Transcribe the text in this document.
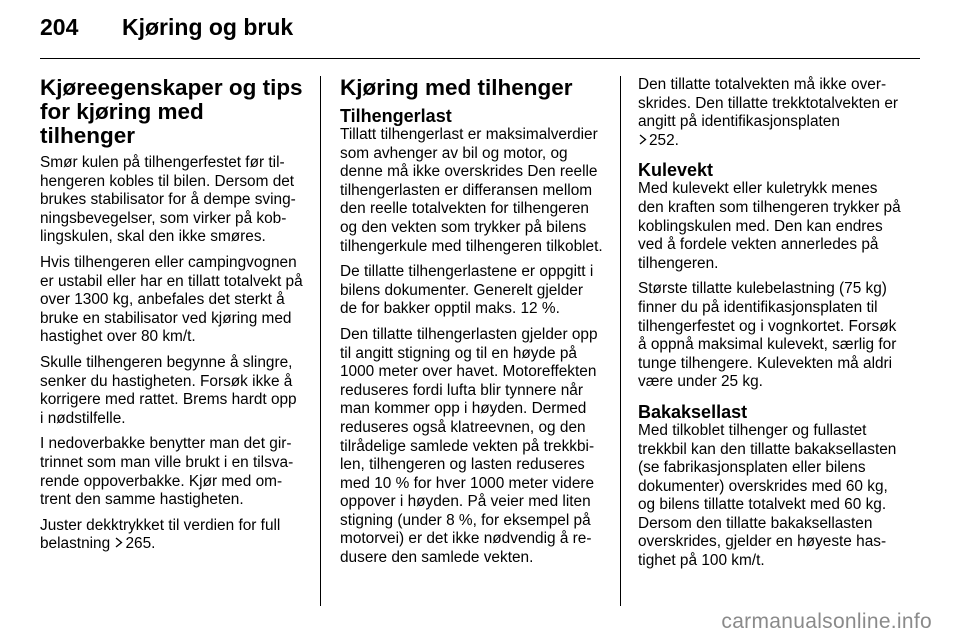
204	Kjøring og bruk
Kjøreegenskaper og tips for kjøring med tilhenger

Smør kulen på tilhengerfestet før tilhengeren kobles til bilen. Dersom det brukes stabilisator for å dempe svingningsbevegelser, som virker på koblingskulen, skal den ikke smøres.

Hvis tilhengeren eller campingvognen er ustabil eller har en tillatt totalvekt på over 1300 kg, anbefales det sterkt å bruke en stabilisator ved kjøring med hastighet over 80 km/t.

Skulle tilhengeren begynne å slingre, senker du hastigheten. Forsøk ikke å korrigere med rattet. Brems hardt opp i nødstilfelle.

I nedoverbakke benytter man det girtrinnet som man ville brukt i en tilsvarende oppoverbakke. Kjør med omtrent den samme hastigheten.

Juster dekktrykket til verdien for full belastning 265.

Kjøring med tilhenger
Tilhengerlast

Tillatt tilhengerlast er maksimalverdier som avhenger av bil og motor, og denne må ikke overskrides Den reelle tilhengerlasten er differansen mellom den reelle totalvekten for tilhengeren og den vekten som trykker på bilens tilhengerkule med tilhengeren tilkoblet.

De tillatte tilhengerlastene er oppgitt i bilens dokumenter. Generelt gjelder de for bakker opptil maks. 12 %.

Den tillatte tilhengerlasten gjelder opp til angitt stigning og til en høyde på 1000 meter over havet. Motoreffekten reduseres fordi lufta blir tynnere når man kommer opp i høyden. Dermed reduseres også klatreevnen, og den tilrådelige samlede vekten på trekkbilen, tilhengeren og lasten reduseres med 10 % for hver 1000 meter videre oppover i høyden. På veier med liten stigning (under 8 %, for eksempel på motorvei) er det ikke nødvendig å redusere den samlede vekten.

Den tillatte totalvekten må ikke overskrides. Den tillatte trekktotalvekten er angitt på identifikasjonsplaten
252.

Kulevekt

Med kulevekt eller kuletrykk menes den kraften som tilhengeren trykker på koblingskulen med. Den kan endres ved å fordele vekten annerledes på tilhengeren.

Største tillatte kulebelastning (75 kg) finner du på identifikasjonsplaten til tilhengerfestet og i vognkortet. Forsøk å oppnå maksimal kulevekt, særlig for tunge tilhengere. Kulevekten må aldri være under 25 kg.

Bakaksellast

Med tilkoblet tilhenger og fullastet trekkbil kan den tillatte bakaksellasten (se fabrikasjonsplaten eller bilens dokumenter) overskrides med 60 kg, og bilens tillatte totalvekt med 60 kg. Dersom den tillatte bakaksellasten overskrides, gjelder en høyeste hastighet på 100 km/t.

carmanualsonline.info
